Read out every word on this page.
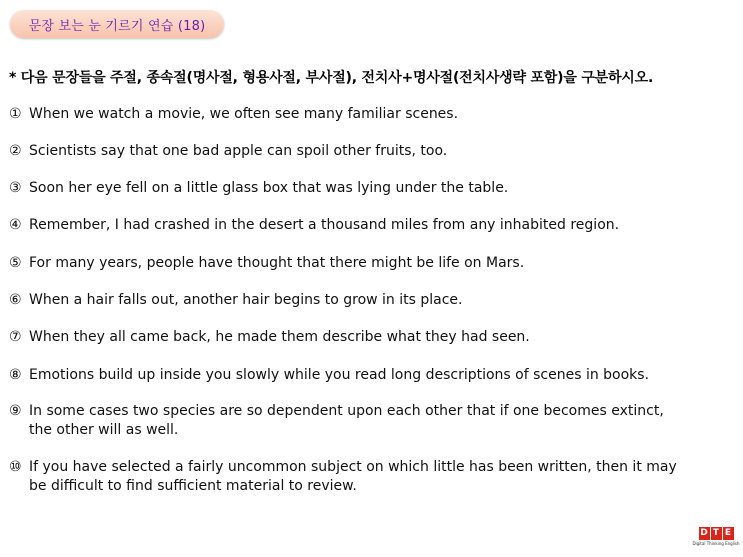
문장 보는 눈 기르기 연습 (18)
* 다음 문장들을 주절, 종속절(명사절, 형용사절, 부사절), 전치사+명사절(전치사생략 포함)을 구분하시오.
① When we watch a movie, we often see many familiar scenes.
② Scientists say that one bad apple can spoil other fruits, too.
③ Soon her eye fell on a little glass box that was lying under the table.
④ Remember, I had crashed in the desert a thousand miles from any inhabited region.
⑤ For many years, people have thought that there might be life on Mars.
⑥ When a hair falls out, another hair begins to grow in its place.
⑦ When they all came back, he made them describe what they had seen.
⑧ Emotions build up inside you slowly while you read long descriptions of scenes in books.
⑨ In some cases two species are so dependent upon each other that if one becomes extinct,
the other will as well.
⑩ If you have selected a fairly uncommon subject on which little has been written, then it may
be difficult to find sufficient material to review.
D T E
Digital Thinking English
